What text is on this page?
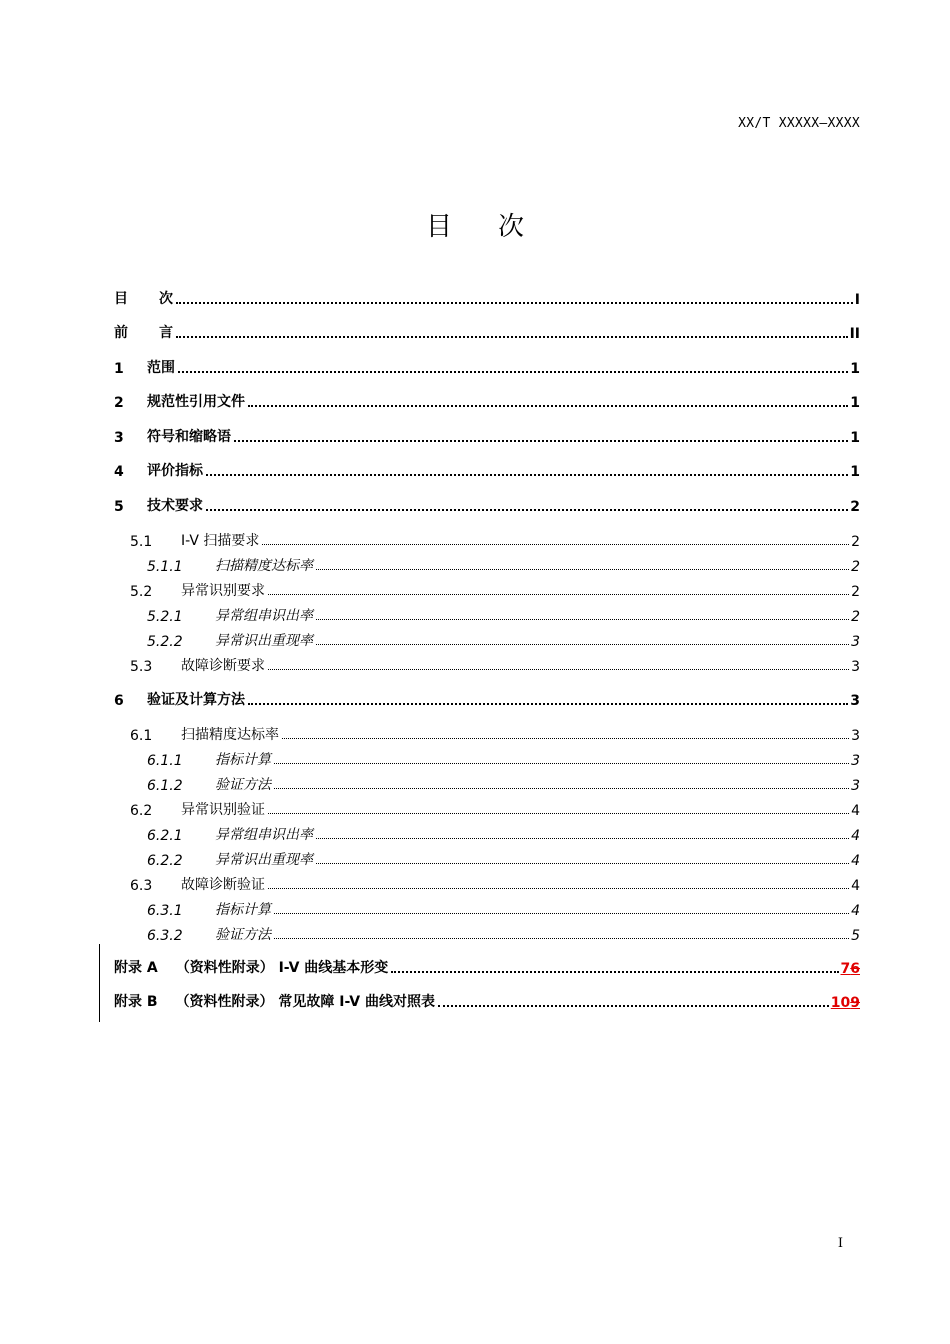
XX/T XXXXX—XXXX
目 次
目	次	I
前	言	II
1	范围	1
2	规范性引用文件	1
3	符号和缩略语	1
4	评价指标	1
5	技术要求	2
5.1	I-V 扫描要求	2
5.1.1	扫描精度达标率	2
5.2	异常识别要求	2
5.2.1	异常组串识出率	2
5.2.2	异常识出重现率	3
5.3	故障诊断要求	3
6	验证及计算方法	3
6.1	扫描精度达标率	3
6.1.1	指标计算	3
6.1.2	验证方法	3
6.2	异常识别验证	4
6.2.1	异常组串识出率	4
6.2.2	异常识出重现率	4
6.3	故障诊断验证	4
6.3.1	指标计算	4
6.3.2	验证方法	5
附录 A （资料性附录） I-V 曲线基本形变	76
附录 B （资料性附录） 常见故障 I-V 曲线对照表	109
I
